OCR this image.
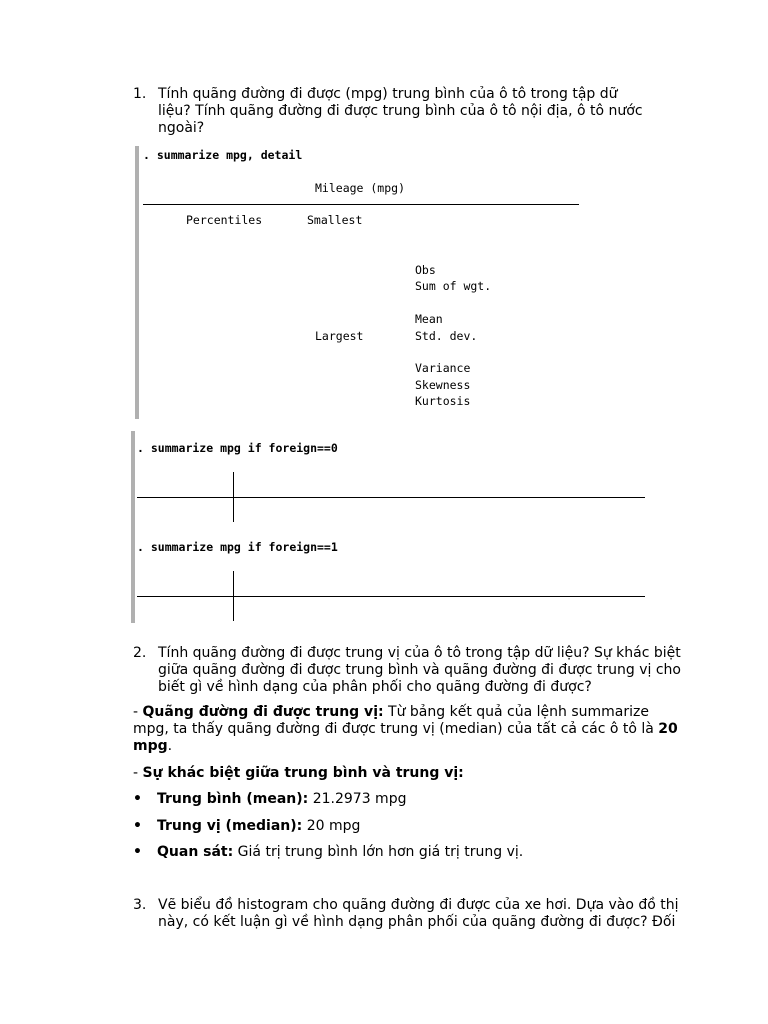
1. Tính quãng đường đi được (mpg) trung bình của ô tô trong tập dữ
liệu? Tính quãng đường đi được trung bình của ô tô nội địa, ô tô nước
ngoài?
. summarize mpg, detail
Mileage (mpg)
Percentiles	Smallest
Largest
Obs
Sum of wgt.
Mean
Std. dev.
Variance
Skewness
Kurtosis
. summarize mpg if foreign==0
. summarize mpg if foreign==1
2. Tính quãng đường đi được trung vị của ô tô trong tập dữ liệu? Sự khác biệt
giữa quãng đường đi được trung bình và quãng đường đi được trung vị cho
biết gì về hình dạng của phân phối cho quãng đường đi được?
- Quãng đường đi được trung vị: Từ bảng kết quả của lệnh summarize
mpg, ta thấy quãng đường đi được trung vị (median) của tất cả các ô tô là 20
mpg.
- Sự khác biệt giữa trung bình và trung vị:
• Trung bình (mean): 21.2973 mpg
• Trung vị (median): 20 mpg
• Quan sát: Giá trị trung bình lớn hơn giá trị trung vị.
3. Vẽ biểu đồ histogram cho quãng đường đi được của xe hơi. Dựa vào đồ thị
này, có kết luận gì về hình dạng phân phối của quãng đường đi được? Đối
